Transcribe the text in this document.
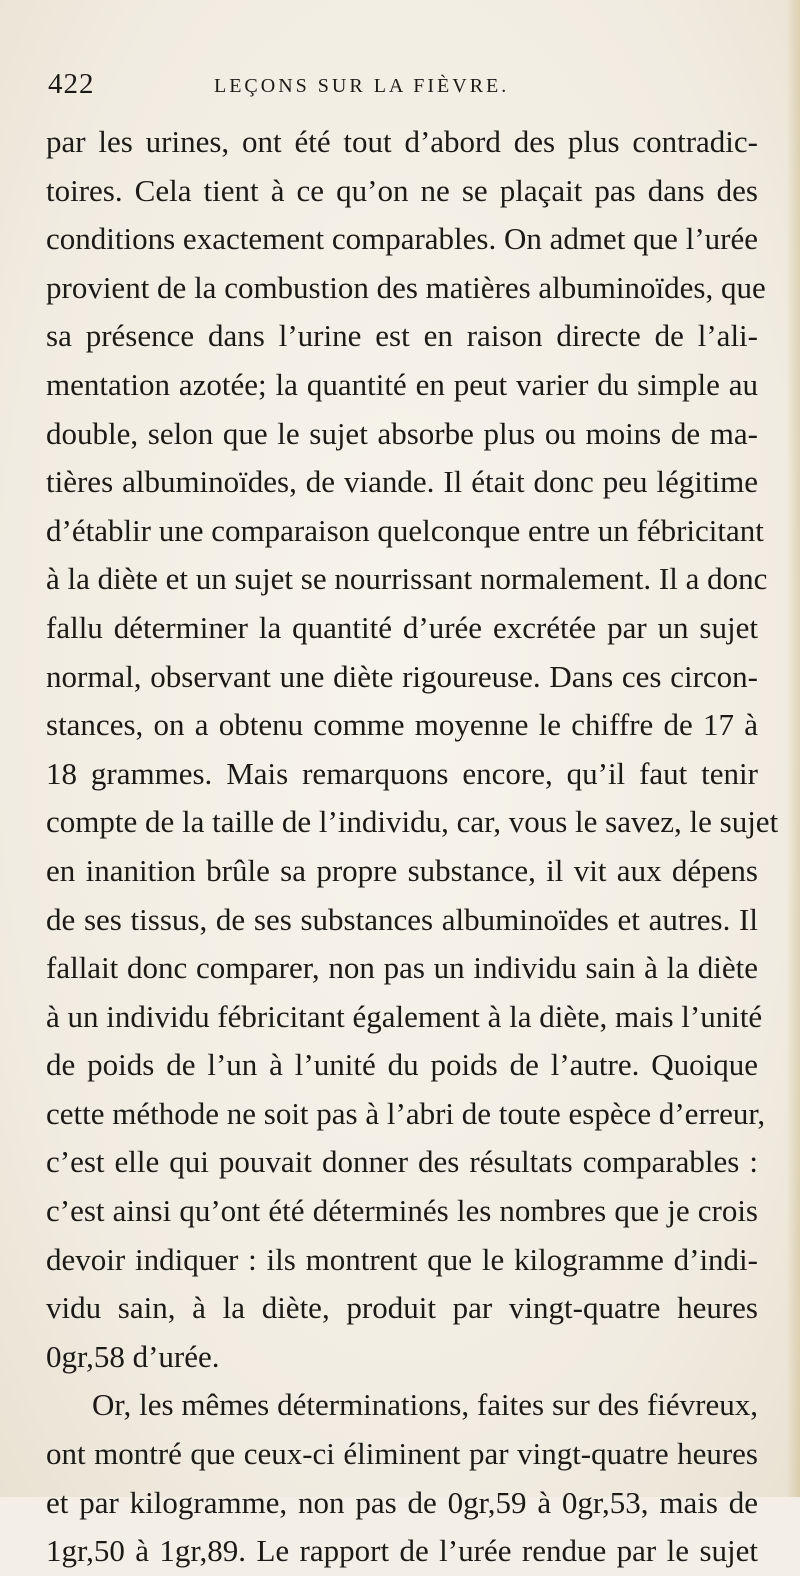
422	LEÇONS SUR LA FIÈVRE.
par les urines, ont été tout d’abord des plus contradic-
toires. Cela tient à ce qu’on ne se plaçait pas dans des
conditions exactement comparables. On admet que l’urée
provient de la combustion des matières albuminoïdes, que
sa présence dans l’urine est en raison directe de l’ali-
mentation azotée; la quantité en peut varier du simple au
double, selon que le sujet absorbe plus ou moins de ma-
tières albuminoïdes, de viande. Il était donc peu légitime
d’établir une comparaison quelconque entre un fébricitant
à la diète et un sujet se nourrissant normalement. Il a donc
fallu déterminer la quantité d’urée excrétée par un sujet
normal, observant une diète rigoureuse. Dans ces circon-
stances, on a obtenu comme moyenne le chiffre de 17 à
18 grammes. Mais remarquons encore, qu’il faut tenir
compte de la taille de l’individu, car, vous le savez, le sujet
en inanition brûle sa propre substance, il vit aux dépens
de ses tissus, de ses substances albuminoïdes et autres. Il
fallait donc comparer, non pas un individu sain à la diète
à un individu fébricitant également à la diète, mais l’unité
de poids de l’un à l’unité du poids de l’autre. Quoique
cette méthode ne soit pas à l’abri de toute espèce d’erreur,
c’est elle qui pouvait donner des résultats comparables :
c’est ainsi qu’ont été déterminés les nombres que je crois
devoir indiquer : ils montrent que le kilogramme d’indi-
vidu sain, à la diète, produit par vingt-quatre heures
0gr,58 d’urée.
Or, les mêmes déterminations, faites sur des fiévreux,
ont montré que ceux-ci éliminent par vingt-quatre heures
et par kilogramme, non pas de 0gr,59 à 0gr,53, mais de
1gr,50 à 1gr,89. Le rapport de l’urée rendue par le sujet
